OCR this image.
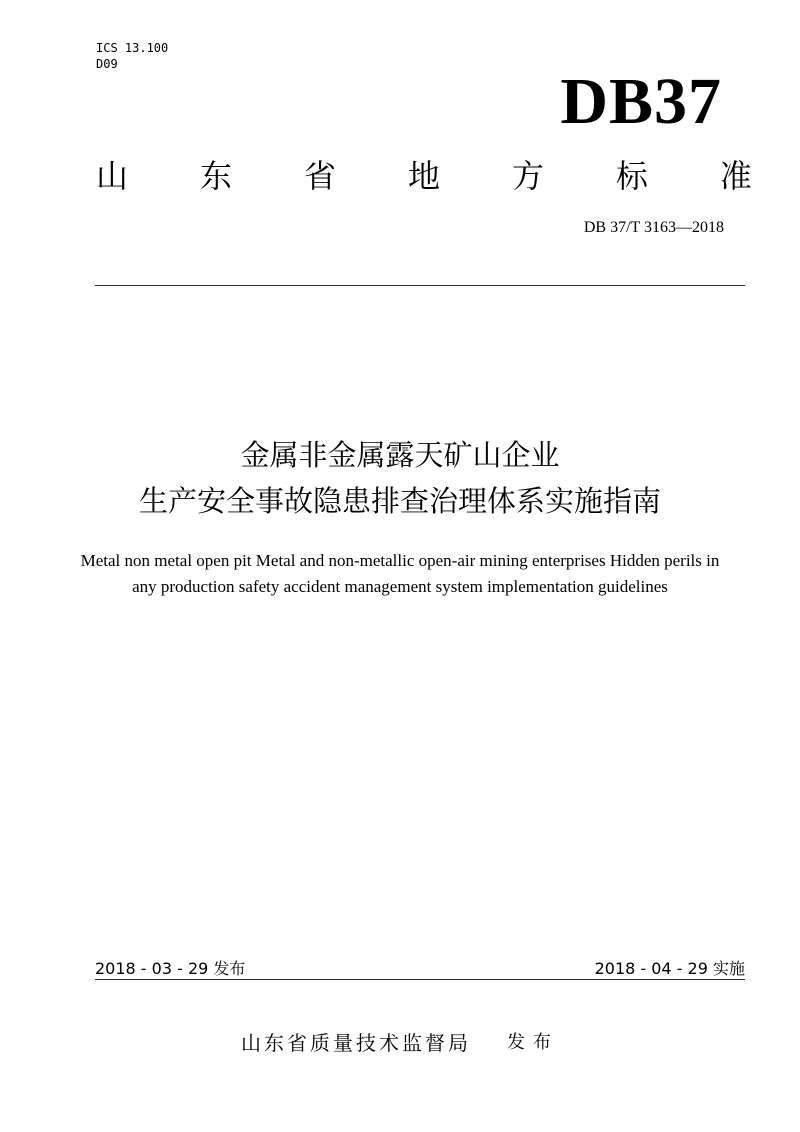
ICS 13.100
D09
DB37
山 东 省 地 方 标 准
DB 37/T 3163—2018
金属非金属露天矿山企业
生产安全事故隐患排查治理体系实施指南
Metal non metal open pit Metal and non-metallic open-air mining enterprises Hidden perils in any production safety accident management system implementation guidelines
2018 - 03 - 29 发布	2018 - 04 - 29 实施
山东省质量技术监督局 发布
